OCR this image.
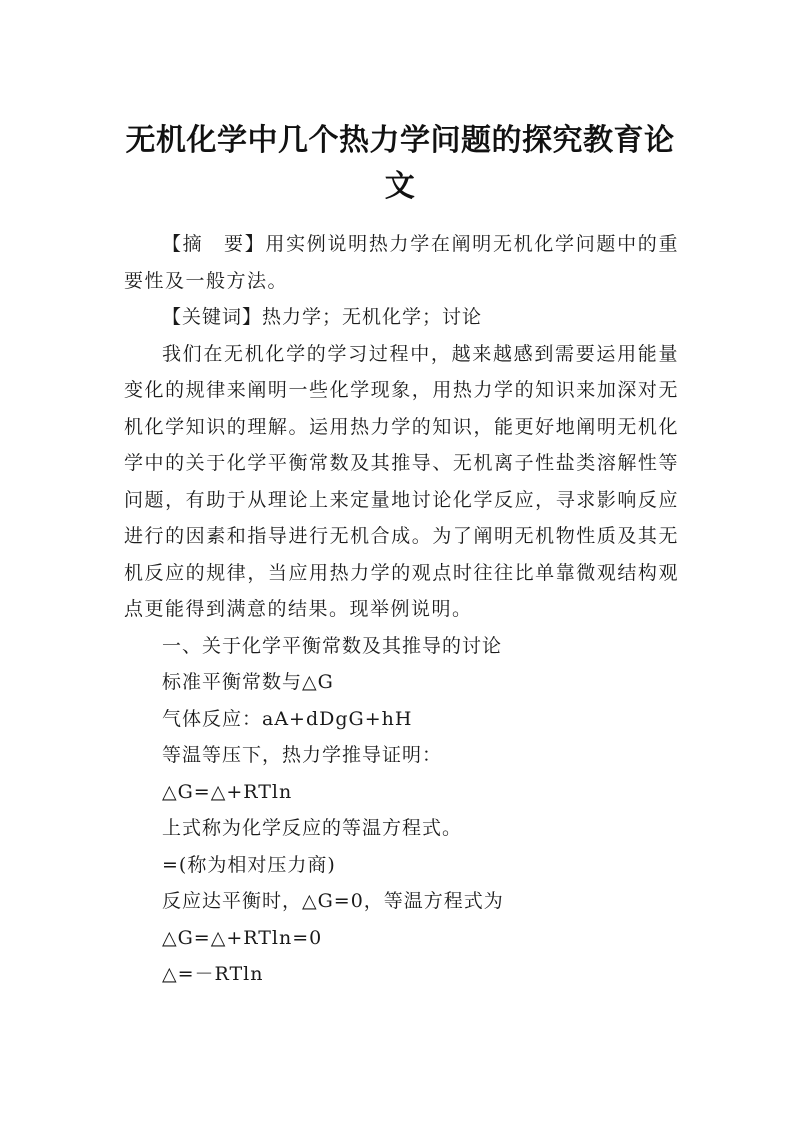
无机化学中几个热力学问题的探究教育论
文

【摘　要】用实例说明热力学在阐明无机化学问题中的重要性及一般方法。

【关键词】热力学；无机化学；讨论

我们在无机化学的学习过程中，越来越感到需要运用能量变化的规律来阐明一些化学现象，用热力学的知识来加深对无机化学知识的理解。运用热力学的知识，能更好地阐明无机化学中的关于化学平衡常数及其推导、无机离子性盐类溶解性等问题，有助于从理论上来定量地讨论化学反应，寻求影响反应进行的因素和指导进行无机合成。为了阐明无机物性质及其无机反应的规律，当应用热力学的观点时往往比单靠微观结构观点更能得到满意的结果。现举例说明。

一、关于化学平衡常数及其推导的讨论

标准平衡常数与△G

气体反应：aA+dDgG+hH

等温等压下，热力学推导证明：

△G=△+RTln

上式称为化学反应的等温方程式。

=(称为相对压力商)

反应达平衡时，△G=0，等温方程式为

△G=△+RTln=0

△=－RTln
